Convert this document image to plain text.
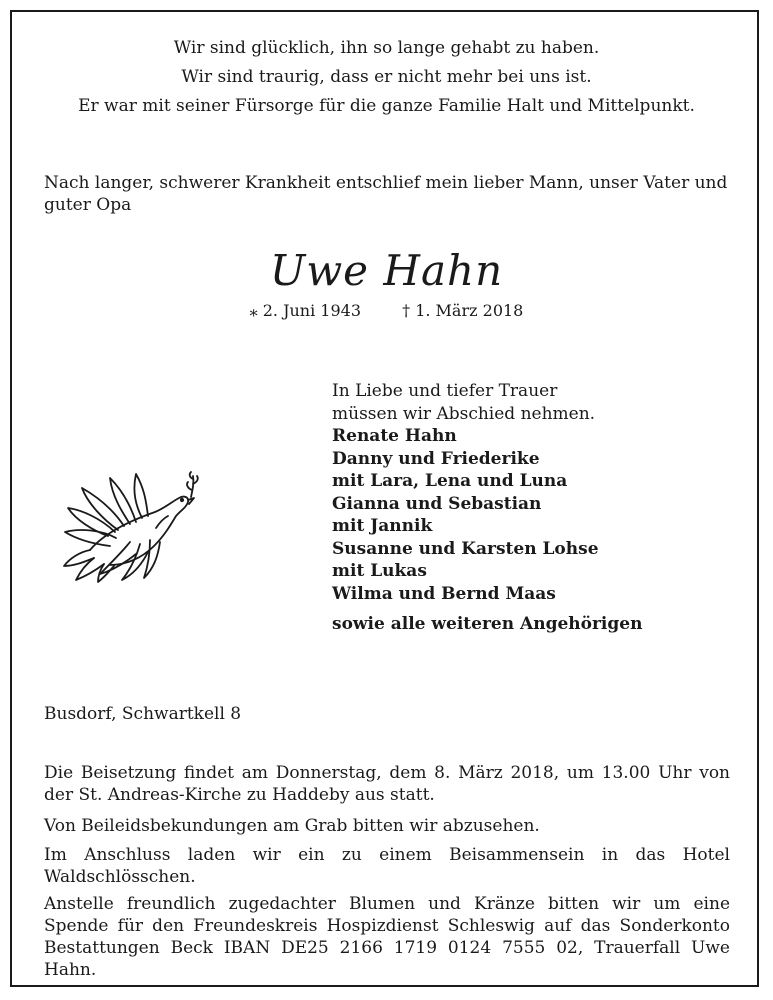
Wir sind glücklich, ihn so lange gehabt zu haben.
Wir sind traurig, dass er nicht mehr bei uns ist.
Er war mit seiner Fürsorge für die ganze Familie Halt und Mittelpunkt.
Nach langer, schwerer Krankheit entschlief mein lieber Mann, unser Vater und guter Opa
Uwe Hahn
⁎ 2. Juni 1943	† 1. März 2018
In Liebe und tiefer Trauer
müssen wir Abschied nehmen.
Renate Hahn
Danny und Friederike
mit Lara, Lena und Luna
Gianna und Sebastian
mit Jannik
Susanne und Karsten Lohse
mit Lukas
Wilma und Bernd Maas
sowie alle weiteren Angehörigen
Busdorf, Schwartkell 8
Die Beisetzung findet am Donnerstag, dem 8. März 2018, um 13.00 Uhr von der St. Andreas-Kirche zu Haddeby aus statt.
Von Beileidsbekundungen am Grab bitten wir abzusehen.
Im Anschluss laden wir ein zu einem Beisammensein in das Hotel Waldschlösschen.
Anstelle freundlich zugedachter Blumen und Kränze bitten wir um eine Spende für den Freundeskreis Hospizdienst Schleswig auf das Sonderkonto Bestattungen Beck IBAN DE25 2166 1719 0124 7555 02, Trauerfall Uwe Hahn.
